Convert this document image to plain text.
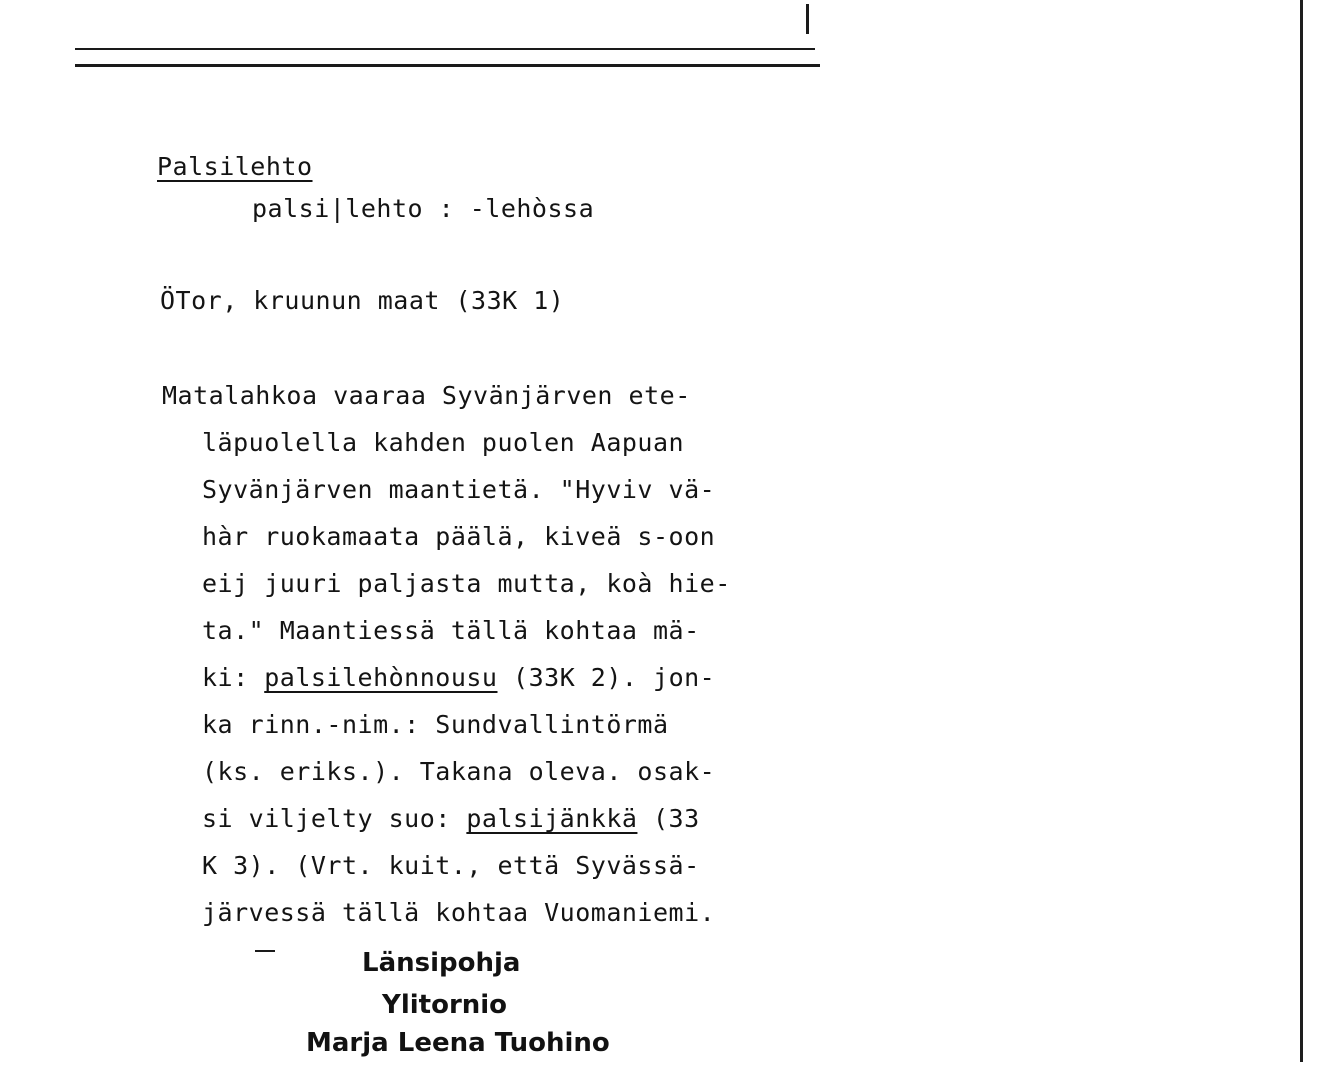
Palsilehto
palsi|lehto : -lehòssa
ÖTor, kruunun maat (33K 1)
Matalahkoa vaaraa Syvänjärven ete-
läpuolella kahden puolen Aapuan
Syvänjärven maantietä. "Hyviv vä-
hàr ruokamaata päälä, kiveä s-oon
eij juuri paljasta mutta, koà hie-
ta." Maantiessä tällä kohtaa mä-
ki: palsilehònnousu (33K 2). jon-
ka rinn.-nim.: Sundvallintörmä
(ks. eriks.). Takana oleva. osak-
si viljelty suo: palsijänkkä (33
K 3). (Vrt. kuit., että Syvässä-
järvessä tällä kohtaa Vuomaniemi.
Länsipohja
Ylitornio
Marja Leena Tuohino
